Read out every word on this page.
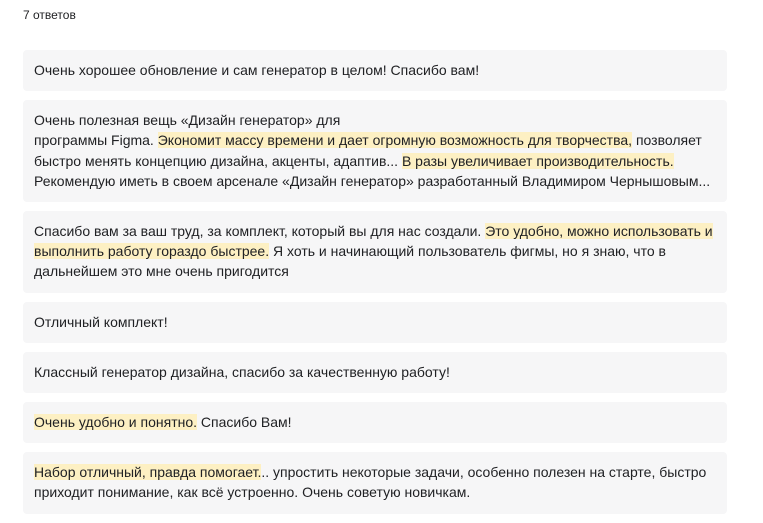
7 ответов
Очень хорошее обновление и сам генератор в целом! Спасибо вам!
Очень полезная вещь «Дизайн генератор» для
программы Figma. Экономит массу времени и дает огромную возможность для творчества, позволяет быстро менять концепцию дизайна, акценты, адаптив... В разы увеличивает производительность. Рекомендую иметь в своем арсенале «Дизайн генератор» разработанный Владимиром Чернышовым...
Спасибо вам за ваш труд, за комплект, который вы для нас создали. Это удобно, можно использовать и выполнить работу гораздо быстрее. Я хоть и начинающий пользователь фигмы, но я знаю, что в дальнейшем это мне очень пригодится
Отличный комплект!
Классный генератор дизайна, спасибо за качественную работу!
Очень удобно и понятно. Спасибо Вам!
Набор отличный, правда помогает... упростить некоторые задачи, особенно полезен на старте, быстро приходит понимание, как всё устроенно. Очень советую новичкам.
